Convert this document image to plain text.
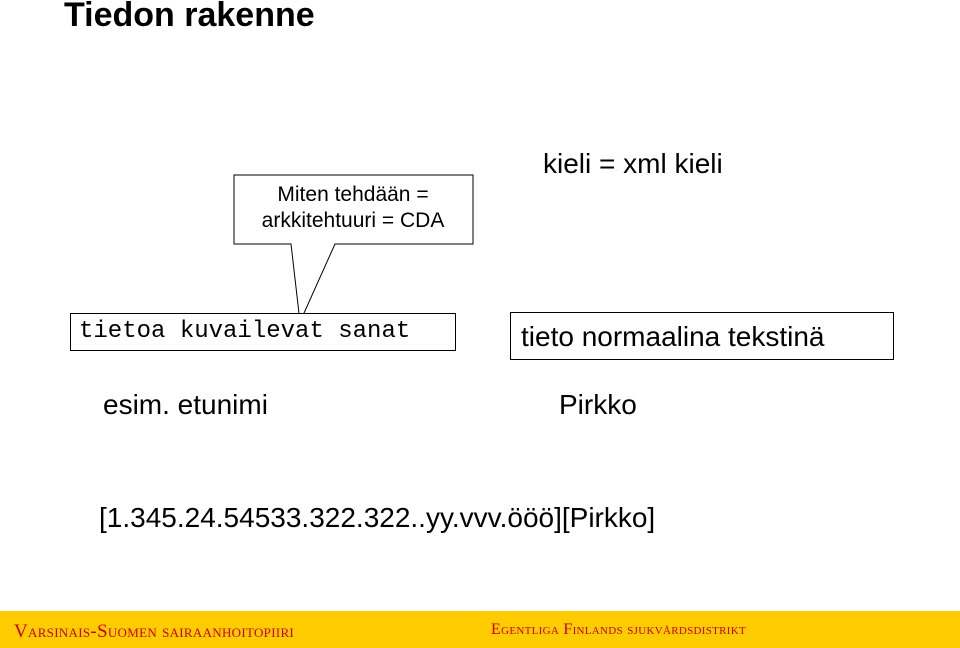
Tiedon rakenne
Miten tehdään =
arkkitehtuuri = CDA
kieli = xml kieli
tietoa kuvailevat sanat	tieto normaalina tekstinä
esim. etunimi	Pirkko
[1.345.24.54533.322.322..yy.vvv.ööö][Pirkko]
Varsinais-Suomen sairaanhoitopiiri	Egentliga Finlands sjukvårdsdistrikt
